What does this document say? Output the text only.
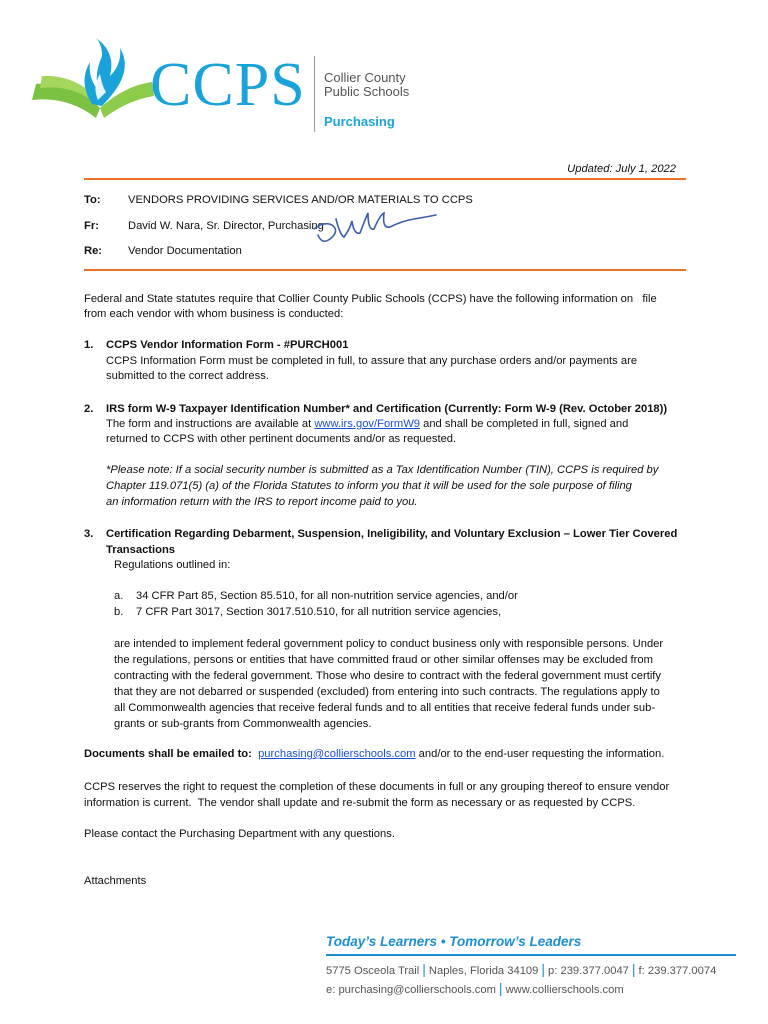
CCPS Collier County
Public Schools
Purchasing
Updated: July 1, 2022
To: VENDORS PROVIDING SERVICES AND/OR MATERIALS TO CCPS
Fr:	David W. Nara, Sr. Director, Purchasing
Re: Vendor Documentation
Federal and State statutes require that Collier County Public Schools (CCPS) have the following information on   file
from each vendor with whom business is conducted:
1. CCPS Vendor Information Form - #PURCH001
CCPS Information Form must be completed in full, to assure that any purchase orders and/or payments are
submitted to the correct address.
2. IRS form W-9 Taxpayer Identification Number* and Certification (Currently: Form W-9 (Rev. October 2018))
The form and instructions are available at www.irs.gov/FormW9 and shall be completed in full, signed and
returned to CCPS with other pertinent documents and/or as requested.
*Please note: If a social security number is submitted as a Tax Identification Number (TIN), CCPS is required by
Chapter 119.071(5) (a) of the Florida Statutes to inform you that it will be used for the sole purpose of filing
an information return with the IRS to report income paid to you.
3. Certification Regarding Debarment, Suspension, Ineligibility, and Voluntary Exclusion – Lower Tier Covered
Transactions
Regulations outlined in:
a. 34 CFR Part 85, Section 85.510, for all non-nutrition service agencies, and/or
b. 7 CFR Part 3017, Section 3017.510.510, for all nutrition service agencies,
are intended to implement federal government policy to conduct business only with responsible persons. Under
the regulations, persons or entities that have committed fraud or other similar offenses may be excluded from
contracting with the federal government. Those who desire to contract with the federal government must certify
that they are not debarred or suspended (excluded) from entering into such contracts. The regulations apply to
all Commonwealth agencies that receive federal funds and to all entities that receive federal funds under sub-
grants or sub-grants from Commonwealth agencies.
Documents shall be emailed to: purchasing@collierschools.com and/or to the end-user requesting the information.
CCPS reserves the right to request the completion of these documents in full or any grouping thereof to ensure vendor
information is current.  The vendor shall update and re-submit the form as necessary or as requested by CCPS.
Please contact the Purchasing Department with any questions.
Attachments
Today’s Learners • Tomorrow’s Leaders
5775 Osceola Trail | Naples, Florida 34109 | p: 239.377.0047 | f: 239.377.0074
e: purchasing@collierschools.com | www.collierschools.com
